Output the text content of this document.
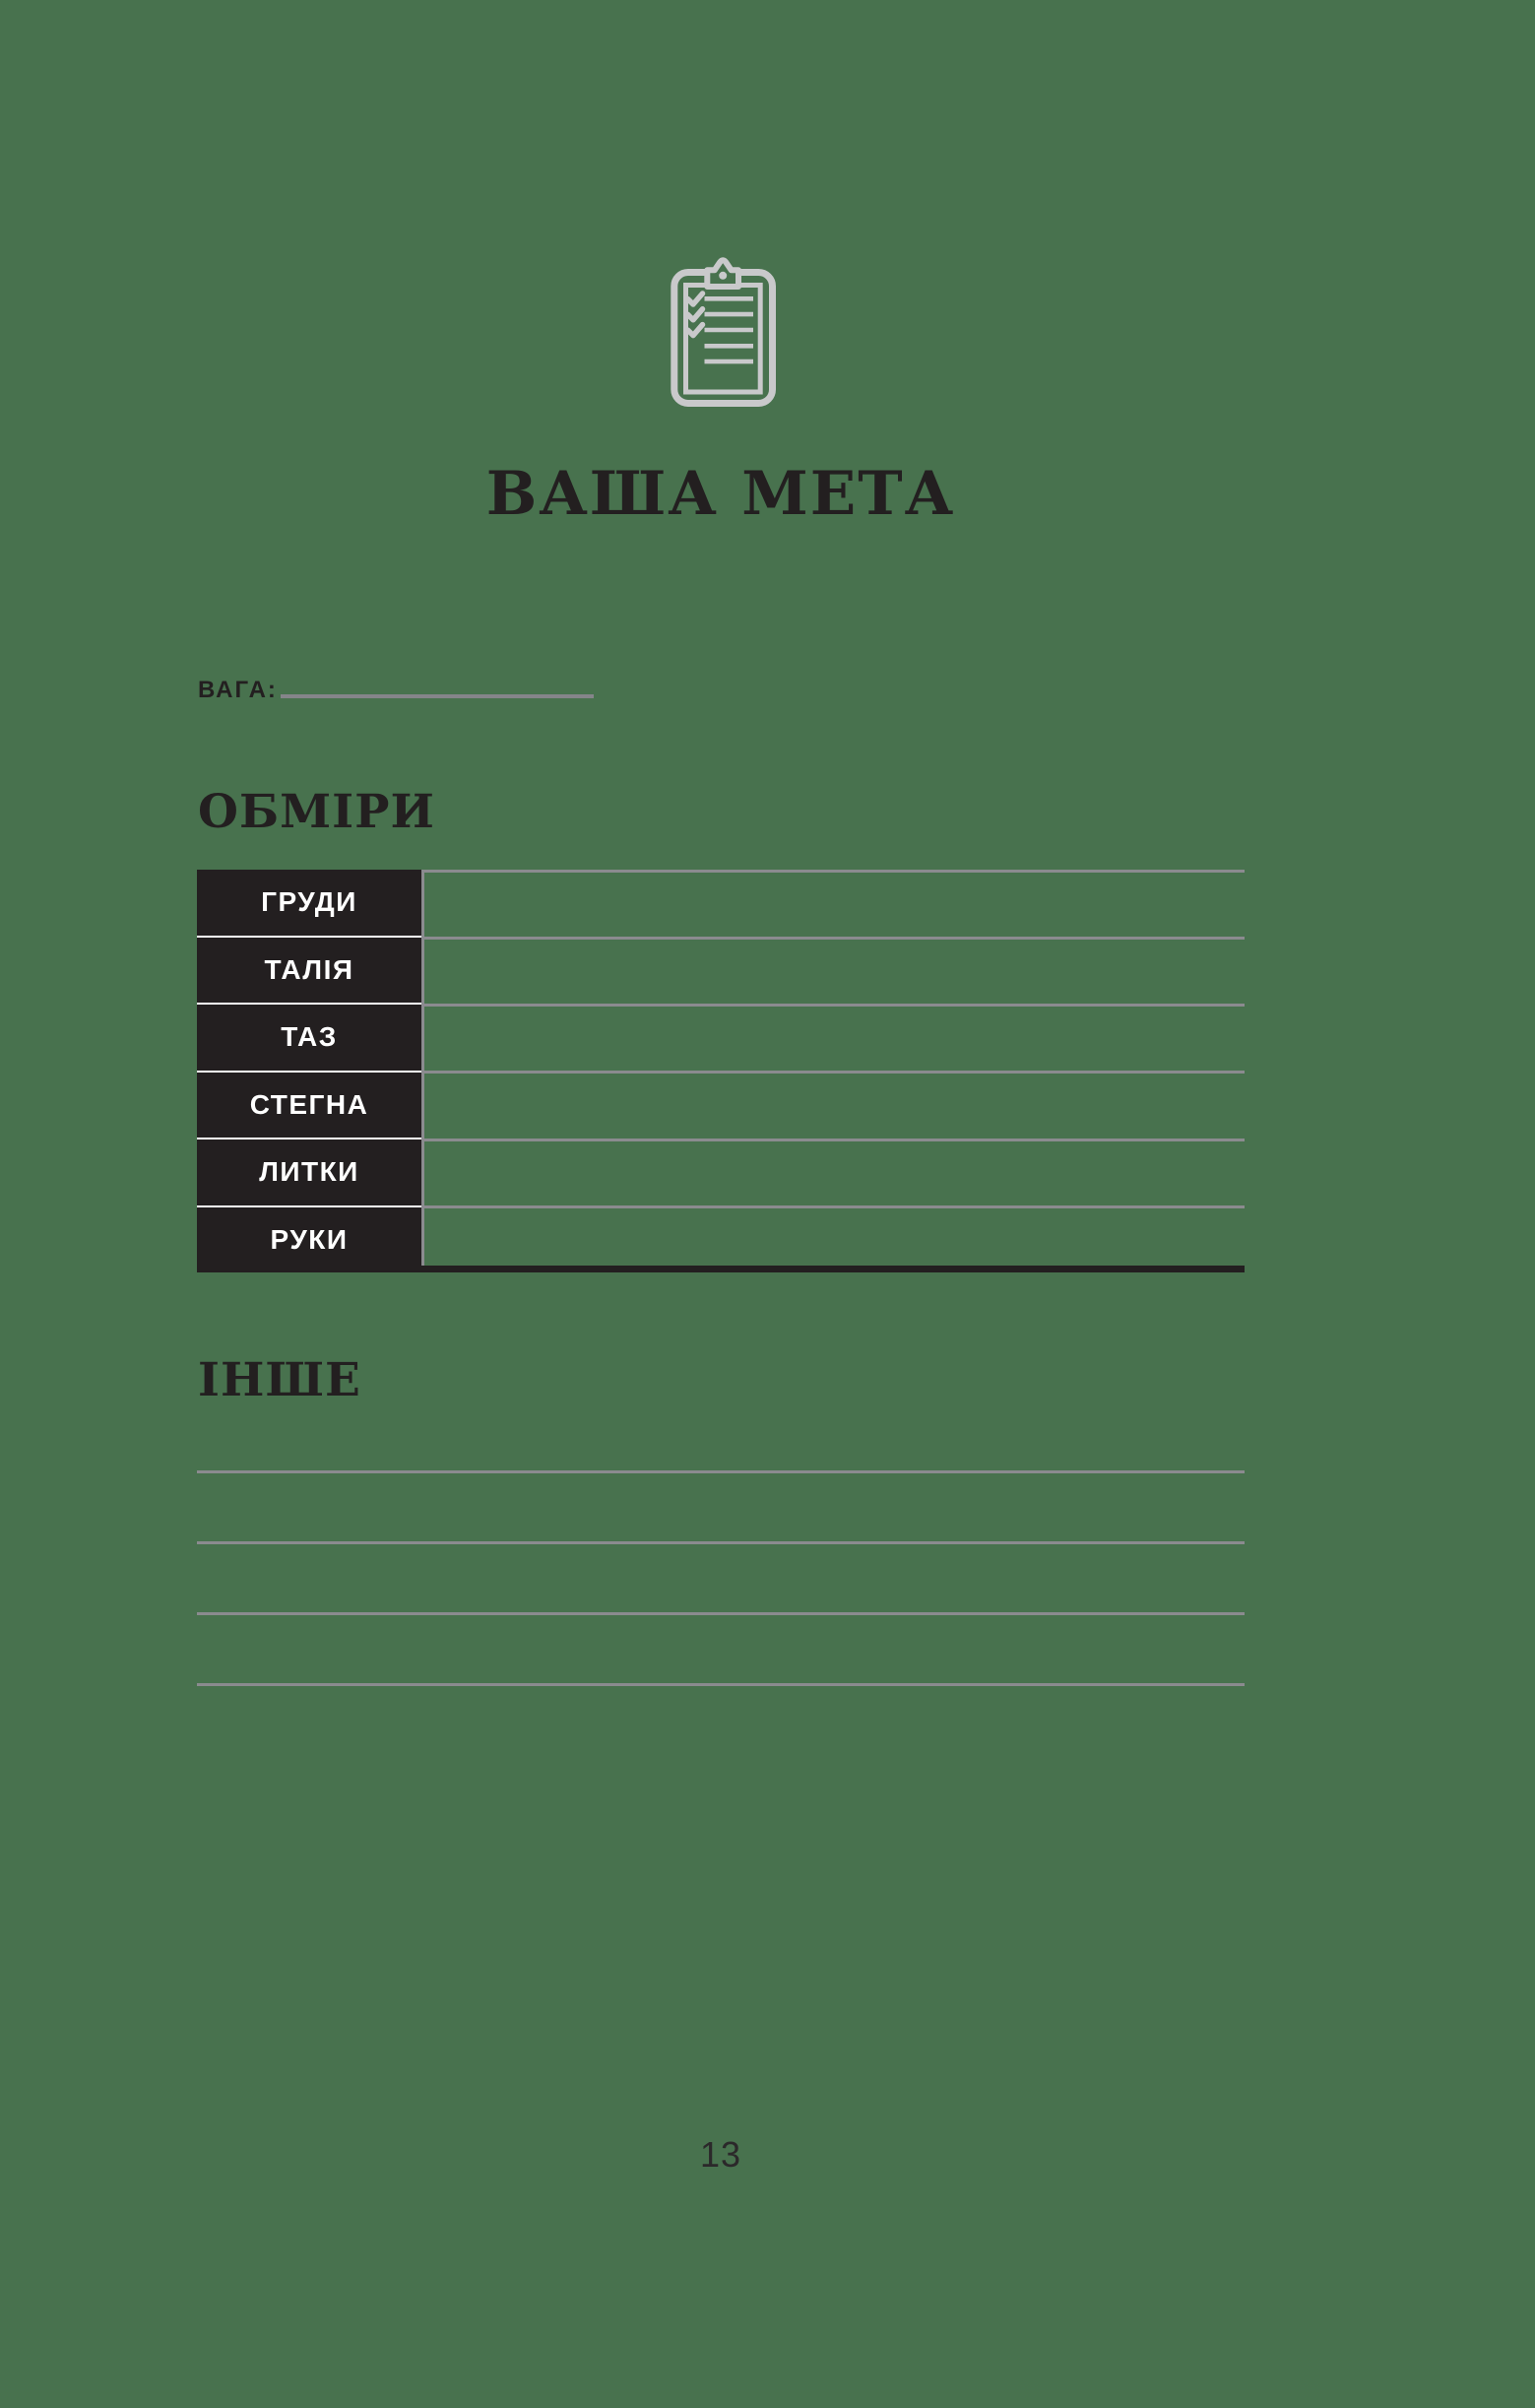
ВАША МЕТА
ВАГА:
ОБМІРИ
ГРУДИ
ТАЛІЯ
ТАЗ
СТЕГНА
ЛИТКИ
РУКИ
ІНШЕ
13
